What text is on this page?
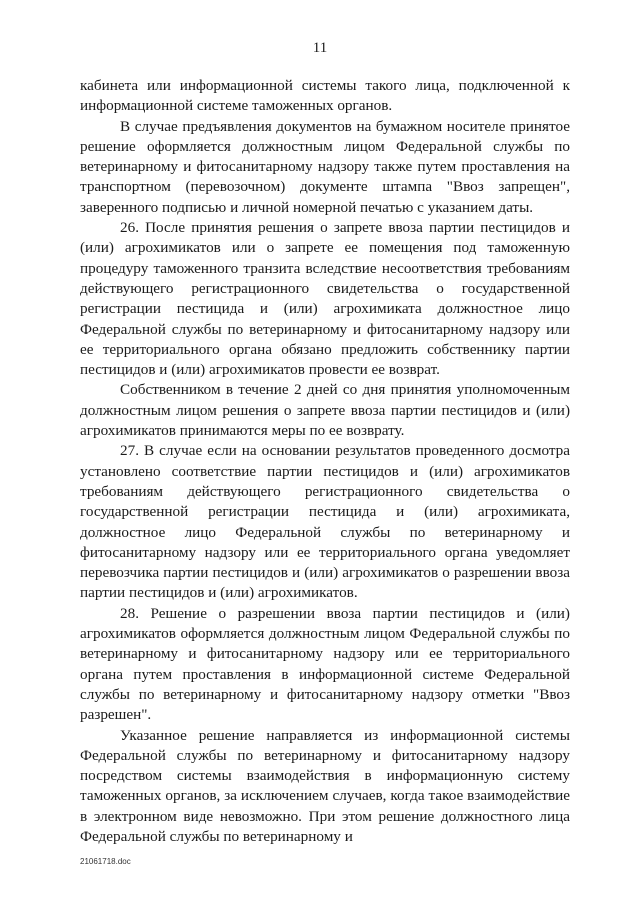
11

кабинета или информационной системы такого лица, подключенной к информационной системе таможенных органов.

В случае предъявления документов на бумажном носителе принятое решение оформляется должностным лицом Федеральной службы по ветеринарному и фитосанитарному надзору также путем проставления на транспортном (перевозочном) документе штампа "Ввоз запрещен", заверенного подписью и личной номерной печатью с указанием даты.

26. После принятия решения о запрете ввоза партии пестицидов и (или) агрохимикатов или о запрете ее помещения под таможенную процедуру таможенного транзита вследствие несоответствия требованиям действующего регистрационного свидетельства о государственной регистрации пестицида и (или) агрохимиката должностное лицо Федеральной службы по ветеринарному и фитосанитарному надзору или ее территориального органа обязано предложить собственнику партии пестицидов и (или) агрохимикатов провести ее возврат.

Собственником в течение 2 дней со дня принятия уполномоченным должностным лицом решения о запрете ввоза партии пестицидов и (или) агрохимикатов принимаются меры по ее возврату.

27. В случае если на основании результатов проведенного досмотра установлено соответствие партии пестицидов и (или) агрохимикатов требованиям действующего регистрационного свидетельства о государственной регистрации пестицида и (или) агрохимиката, должностное лицо Федеральной службы по ветеринарному и фитосанитарному надзору или ее территориального органа уведомляет перевозчика партии пестицидов и (или) агрохимикатов о разрешении ввоза партии пестицидов и (или) агрохимикатов.

28. Решение о разрешении ввоза партии пестицидов и (или) агрохимикатов оформляется должностным лицом Федеральной службы по ветеринарному и фитосанитарному надзору или ее территориального органа путем проставления в информационной системе Федеральной службы по ветеринарному и фитосанитарному надзору отметки "Ввоз разрешен".

Указанное решение направляется из информационной системы Федеральной службы по ветеринарному и фитосанитарному надзору посредством системы взаимодействия в информационную систему таможенных органов, за исключением случаев, когда такое взаимодействие в электронном виде невозможно. При этом решение должностного лица Федеральной службы по ветеринарному и

21061718.doc
